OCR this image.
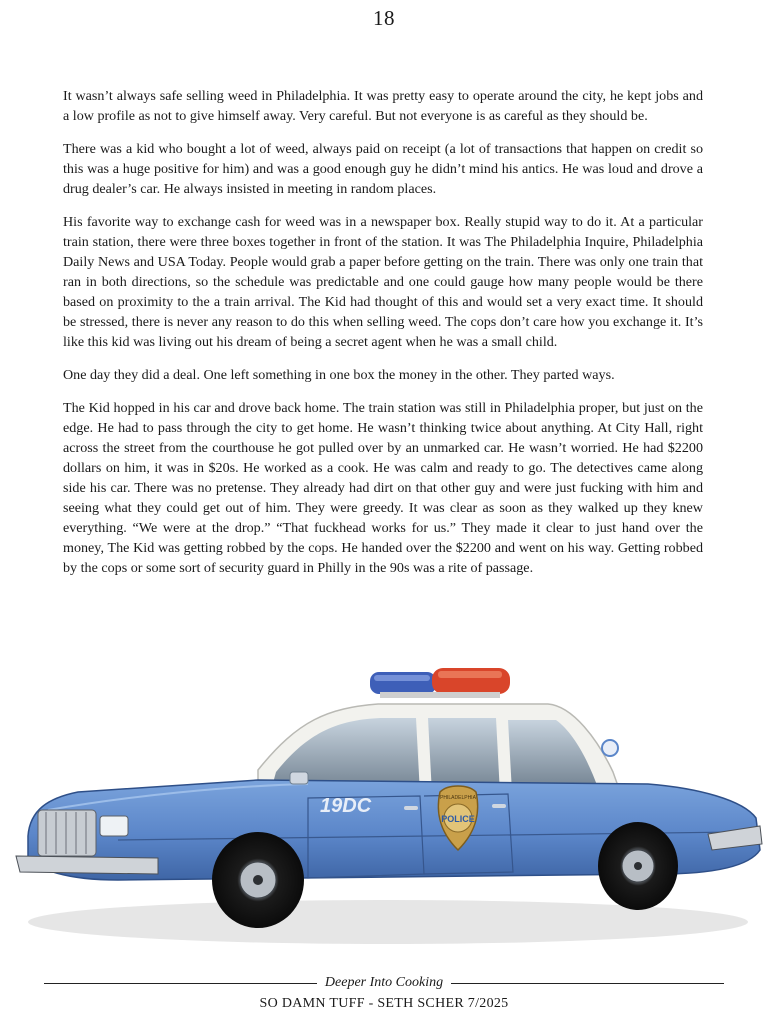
18

It wasn’t always safe selling weed in Philadelphia. It was pretty easy to operate around the city, he kept jobs and a low profile as not to give himself away. Very careful. But not everyone is as careful as they should be.

There was a kid who bought a lot of weed, always paid on receipt (a lot of transactions that happen on credit so this was a huge positive for him) and was a good enough guy he didn’t mind his antics. He was loud and drove a drug dealer’s car. He always insisted in meeting in random places.

His favorite way to exchange cash for weed was in a newspaper box. Really stupid way to do it. At a particular train station, there were three boxes together in front of the station. It was The Philadelphia Inquire, Philadelphia Daily News and USA Today. People would grab a paper before getting on the train. There was only one train that ran in both directions, so the schedule was predictable and one could gauge how many people would be there based on proximity to the a train arrival. The Kid had thought of this and would set a very exact time. It should be stressed, there is never any reason to do this when selling weed. The cops don’t care how you exchange it. It’s like this kid was living out his dream of being a secret agent when he was a small child.

One day they did a deal. One left something in one box the money in the other. They parted ways.

The Kid hopped in his car and drove back home. The train station was still in Philadelphia proper, but just on the edge. He had to pass through the city to get home. He wasn’t thinking twice about anything. At City Hall, right across the street from the courthouse he got pulled over by an unmarked car. He wasn’t worried. He had $2200 dollars on him, it was in $20s. He worked as a cook. He was calm and ready to go. The detectives came along side his car. There was no pretense. They already had dirt on that other guy and were just fucking with him and seeing what they could get out of him. They were greedy. It was clear as soon as they walked up they knew everything. “We were at the drop.” “That fuckhead works for us.” They made it clear to just hand over the money, The Kid was getting robbed by the cops. He handed over the $2200 and went on his way. Getting robbed by the cops or some sort of security guard in Philly in the 90s was a rite of passage.

19DC	PHILADELPHIA
POLICE
Deeper Into Cooking
SO DAMN TUFF - SETH SCHER 7/2025
